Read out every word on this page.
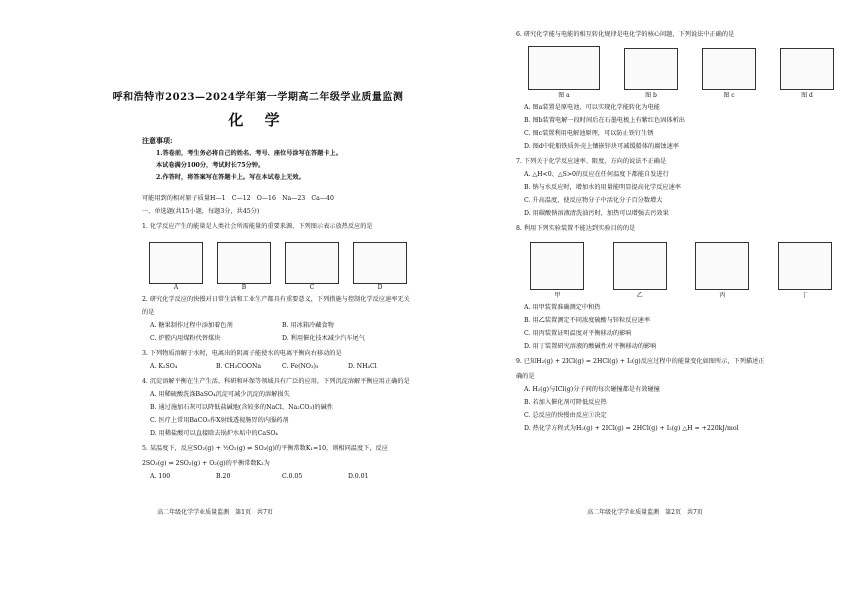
呼和浩特市2023—2024学年第一学期高二年级学业质量监测
化 学
注意事项:
1.答卷前，考生务必将自己的姓名、考号、座位号涂写在答题卡上。
本试卷满分100分，考试时长75分钟。
2.作答时，将答案写在答题卡上。写在本试卷上无效。
可能用到的相对原子质量H—1　C—12　O—16　Na—23　Ca—40
一、单选题(共15小题，每题3分，共45分)
1. 化学反应产生的能量是人类社会所需能量的重要来源，下列图示表示放热反应的是
A	B	C	D
2. 研究化学反应的快慢对日常生活和工业生产都具有重要意义，下列措施与控制化学反应速率无关的是
A. 糖果制作过程中添加着色剂	B. 用冰箱冷藏食物
C. 炉膛内用煤粉代替煤块	D. 利用催化技术减少汽车尾气
3. 下列物质溶解于水时，电离出的阴离子能使水的电离平衡向右移动的是
A. K₂SO₄	B. CH₃COONa	C. Fe(NO₃)₃	D. NH₄Cl
4. 沉淀溶解平衡在生产生活、科研和环保等领域具有广泛的应用，下列沉淀溶解平衡应用正确的是
A. 用稀硫酸洗涤BaSO₄沉淀可减少沉淀的溶解损失
B. 通过施加石灰可以降低盐碱地(含较多的NaCl、Na₂CO₃)的碱性
C. 医疗上常用BaCO₃作X射线透视肠胃的内服药剂
D. 用稀盐酸可以直接除去锅炉水垢中的CaSO₄
5. 某温度下，反应SO₂(g) + ½O₂(g) ⇌ SO₃(g)的平衡常数K₁=10，则相同温度下，反应
2SO₃(g) ⇌ 2SO₂(g) + O₂(g)的平衡常数K₂为
A. 100	B.20	C.0.05	D.0.01
高二年级化学学业质量监测　第1页　共7页
6. 研究化学能与电能的相互转化规律是电化学的核心问题，下列说法中正确的是
图 a	图 b	图 c	图 d
A. 图a装置是原电池，可以实现化学能转化为电能
B. 图b装置电解一段时间后在石墨电极上有紫红色固体析出
C. 图c装置利用电解池原理，可以防止铁钉生锈
D. 图d中轮船铁质外壳上镶嵌锌块可减缓船体的腐蚀速率
7. 下列关于化学反应速率、限度、方向的说法不正确是
A. △H<0、△S>0的反应在任何温度下都能自发进行
B. 钠与水反应时，增加水的用量能明显提高化学反应速率
C. 升高温度，使反应物分子中活化分子百分数增大
D. 用碳酸钠溶液清洗油污时，加热可以增强去污效果
8. 利用下列实验装置不能达到实验目的的是
甲	乙	丙	丁
A. 用甲装置准确测定中和热
B. 用乙装置测定不同浓度硫酸与锌粒反应速率
C. 用丙装置证明温度对平衡移动的影响
D. 用丁装置研究溶液的酸碱性对平衡移动的影响
9. 已知H₂(g) + 2ICl(g) = 2HCl(g) + I₂(g)反应过程中的能量变化如图所示，下列描述正
确的是
A. H₂(g)与ICl(g)分子间的每次碰撞都是有效碰撞
B. 若加入催化剂可降低反应热
C. 总反应的快慢由反应①决定
D. 热化学方程式为H₂(g) + 2ICl(g) = 2HCl(g) + I₂(g) △H = +220kJ/mol
高二年级化学学业质量监测　第2页　共7页
